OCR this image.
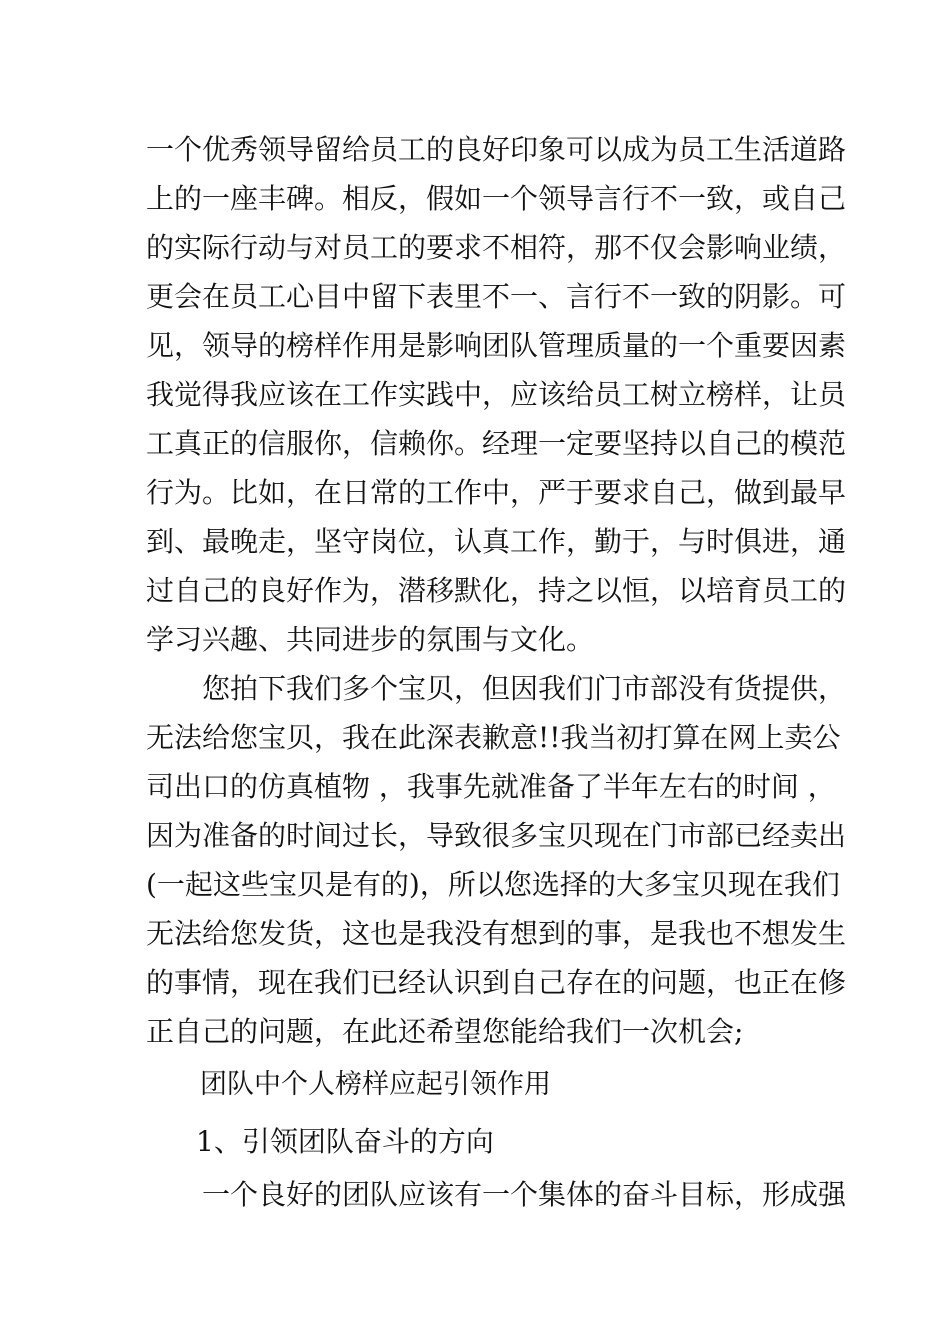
一个优秀领导留给员工的良好印象可以成为员工生活道路
上的一座丰碑。相反，假如一个领导言行不一致，或自己
的实际行动与对员工的要求不相符，那不仅会影响业绩，
更会在员工心目中留下表里不一、言行不一致的阴影。可
见，领导的榜样作用是影响团队管理质量的一个重要因素
我觉得我应该在工作实践中，应该给员工树立榜样，让员
工真正的信服你，信赖你。经理一定要坚持以自己的模范
行为。比如，在日常的工作中，严于要求自己，做到最早
到、最晚走，坚守岗位，认真工作，勤于，与时俱进，通
过自己的良好作为，潜移默化，持之以恒，以培育员工的
学习兴趣、共同进步的氛围与文化。
您拍下我们多个宝贝，但因我们门市部没有货提供，
无法给您宝贝，我在此深表歉意!!我当初打算在网上卖公
司出口的仿真植物 ，我事先就准备了半年左右的时间 ，
因为准备的时间过长，导致很多宝贝现在门市部已经卖出
(一起这些宝贝是有的)，所以您选择的大多宝贝现在我们
无法给您发货，这也是我没有想到的事，是我也不想发生
的事情，现在我们已经认识到自己存在的问题，也正在修
正自己的问题，在此还希望您能给我们一次机会;
团队中个人榜样应起引领作用
1、引领团队奋斗的方向
一个良好的团队应该有一个集体的奋斗目标，形成强
